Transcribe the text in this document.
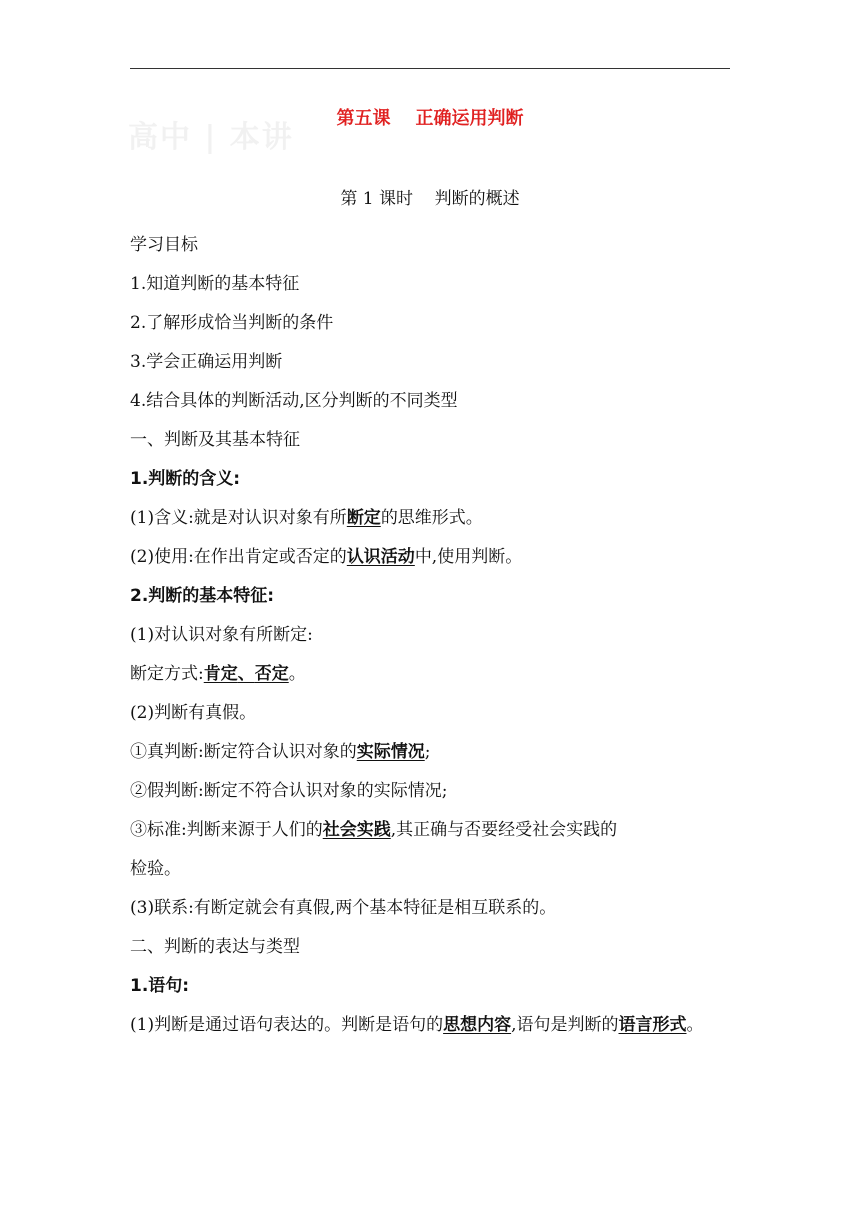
高中 | 本讲
第五课 正确运用判断
第 1 课时 判断的概述
学习目标
1.知道判断的基本特征
2.了解形成恰当判断的条件
3.学会正确运用判断
4.结合具体的判断活动,区分判断的不同类型
一、判断及其基本特征
1.判断的含义:
(1)含义:就是对认识对象有所断定的思维形式。
(2)使用:在作出肯定或否定的认识活动中,使用判断。
2.判断的基本特征:
(1)对认识对象有所断定:
断定方式:肯定、否定。
(2)判断有真假。
①真判断:断定符合认识对象的实际情况;
②假判断:断定不符合认识对象的实际情况;
③标准:判断来源于人们的社会实践,其正确与否要经受社会实践的
检验。
(3)联系:有断定就会有真假,两个基本特征是相互联系的。
二、判断的表达与类型
1.语句:
(1)判断是通过语句表达的。判断是语句的思想内容,语句是判断的语言形式。
